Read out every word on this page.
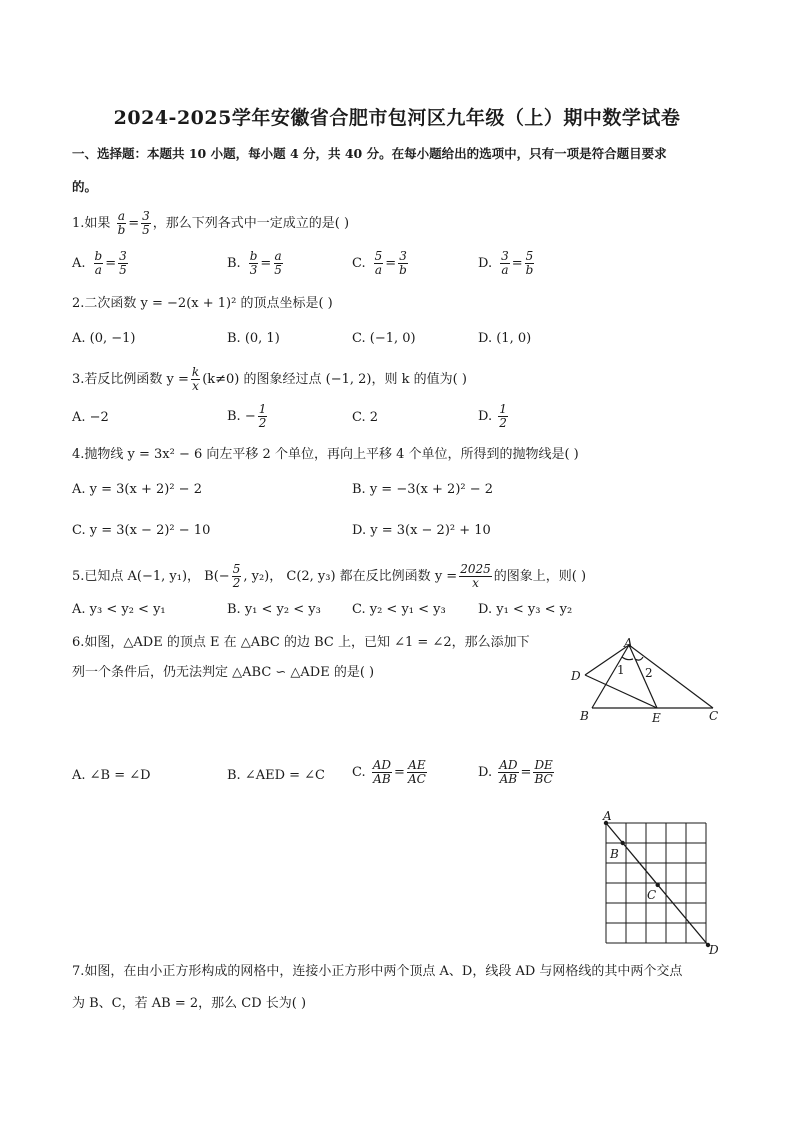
2024-2025学年安徽省合肥市包河区九年级（上）期中数学试卷
一、选择题：本题共 10 小题，每小题 4 分，共 40 分。在每小题给出的选项中，只有一项是符合题目要求
的。
1.如果 $\frac{a}{b} = \frac{3}{5}$ ，那么下列各式中一定成立的是( )
A. $\frac{b}{a} = \frac{3}{5}$	B. $\frac{b}{3} = \frac{a}{5}$	C. $\frac{5}{a} = \frac{3}{b}$	D. $\frac{3}{a} = \frac{5}{b}$
2.二次函数 y = −2(x + 1)² 的顶点坐标是( )
A. (0, −1)	B. (0, 1)	C. (−1, 0)	D. (1, 0)
3.若反比例函数 $y = \frac{k}{x} (k\ne 0)$ 的图象经过点 (−1, 2)，则 k 的值为( )
A. −2	B. − $\frac{1}{2}$	C. 2	D. $\frac{1}{2}$
4.抛物线 y = 3x² − 6 向左平移 2 个单位，再向上平移 4 个单位，所得到的抛物线是( )
A. y = 3(x + 2)² − 2	B. y = −3(x + 2)² − 2
C. y = 3(x − 2)² − 10	D. y = 3(x − 2)² + 10
5.已知点 A(−1, y₁)， $B(- \frac{5}{2}$ , y₂)， C(2, y₃) 都在反比例函数 $y = \frac{2025}{x}$ 的图象上，则( )
A. y₃ < y₂ < y₁	B. y₁ < y₂ < y₃ C. y₂ < y₁ < y₃ D. y₁ < y₃ < y₂
6.如图，△ADE 的顶点 E 在 △ABC 的边 BC 上，已知 ∠1 = ∠2，那么添加下
列一个条件后，仍无法判定 △ABC ∽ △ADE 的是( )
A
B	C
D
E
1 2
A. ∠B = ∠D	B. ∠AED = ∠C C. $\frac{AD}{AB} = \frac{AE}{AC}$	D. $\frac{AD}{AB} = \frac{DE}{BC}$
A
B
C
D
7.如图，在由小正方形构成的网格中，连接小正方形中两个顶点 A、D，线段 AD 与网格线的其中两个交点
为 B、C，若 AB = 2，那么 CD 长为( )
